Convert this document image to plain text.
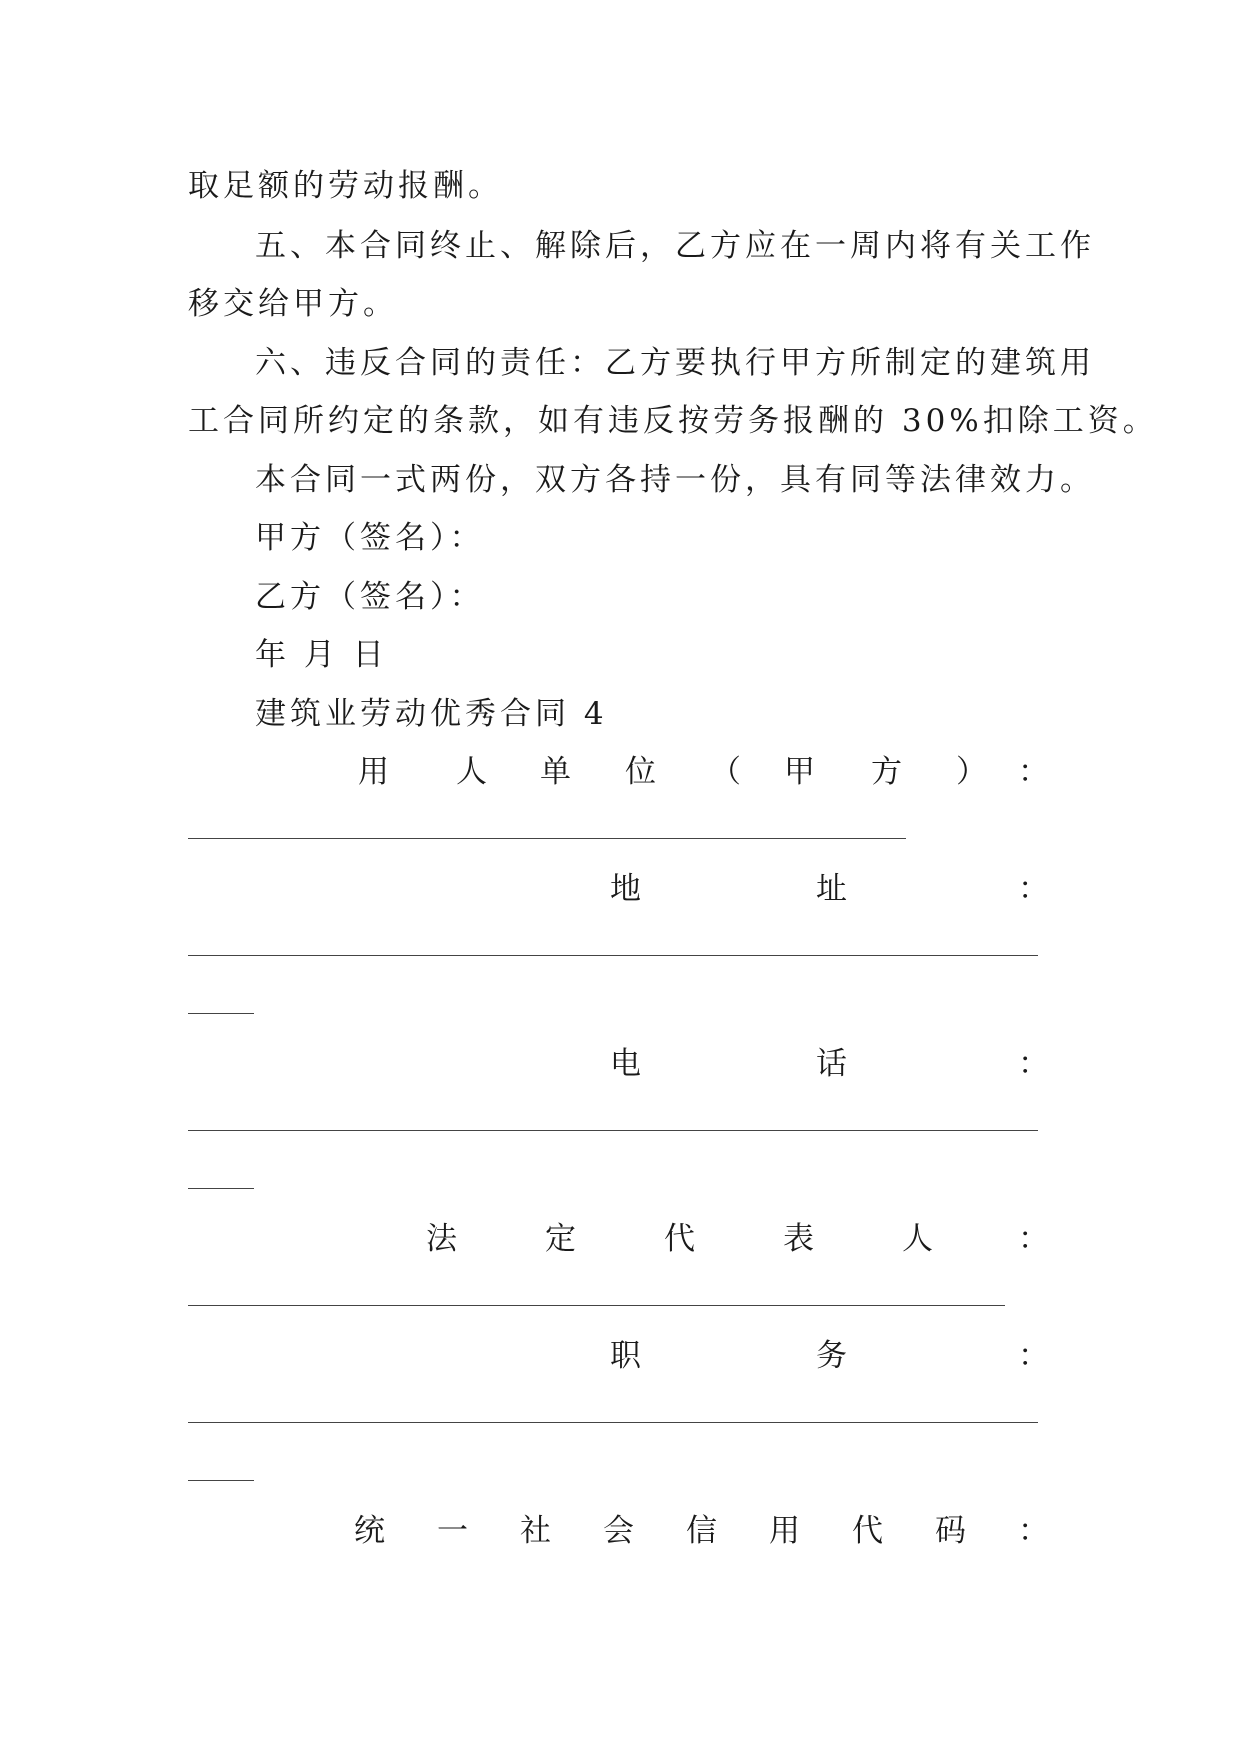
取足额的劳动报酬。
五、本合同终止、解除后，乙方应在一周内将有关工作
移交给甲方。
六、违反合同的责任：乙方要执行甲方所制定的建筑用
工合同所约定的条款，如有违反按劳务报酬的 30%扣除工资。
本合同一式两份，双方各持一份，具有同等法律效力。
甲方（签名）：
乙方（签名）：
年 月 日
建筑业劳动优秀合同 4
用 人 单 位 （ 甲 方 ） ：
地	址	：
电	话	：
法	定	代	表	人	：
职	务	：
统 一 社 会 信 用 代 码 ：
